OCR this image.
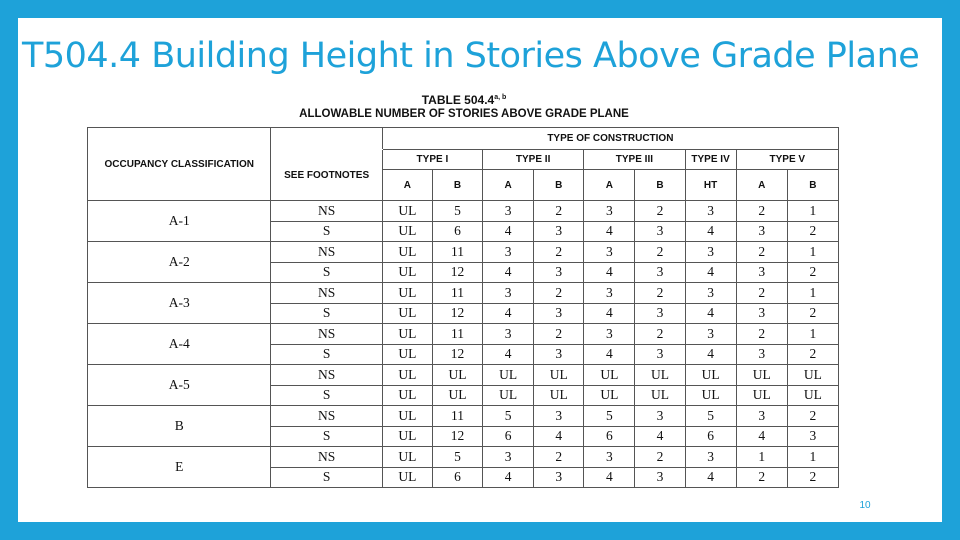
T504.4 Building Height in Stories Above Grade Plane
TABLE 504.4$^{a, b}$
ALLOWABLE NUMBER OF STORIES ABOVE GRADE PLANE
OCCUPANCY CLASSIFICATION		TYPE OF CONSTRUCTION								
	SEE FOOTNOTES	TYPE I		TYPE II		TYPE III		TYPE IV	TYPE V	
		A	B	A	B	A	B	HT	A	B
A-1	NS	UL	5	3	2	3	2	3	2	1
	S	UL	6	4	3	4	3	4	3	2
A-2	NS	UL	11	3	2	3	2	3	2	1
	S	UL	12	4	3	4	3	4	3	2
A-3	NS	UL	11	3	2	3	2	3	2	1
	S	UL	12	4	3	4	3	4	3	2
A-4	NS	UL	11	3	2	3	2	3	2	1
	S	UL	12	4	3	4	3	4	3	2
A-5	NS	UL	UL	UL	UL	UL	UL	UL	UL	UL
	S	UL	UL	UL	UL	UL	UL	UL	UL	UL
B	NS	UL	11	5	3	5	3	5	3	2
	S	UL	12	6	4	6	4	6	4	3
E	NS	UL	5	3	2	3	2	3	1	1
	S	UL	6	4	3	4	3	4	2	2
10
